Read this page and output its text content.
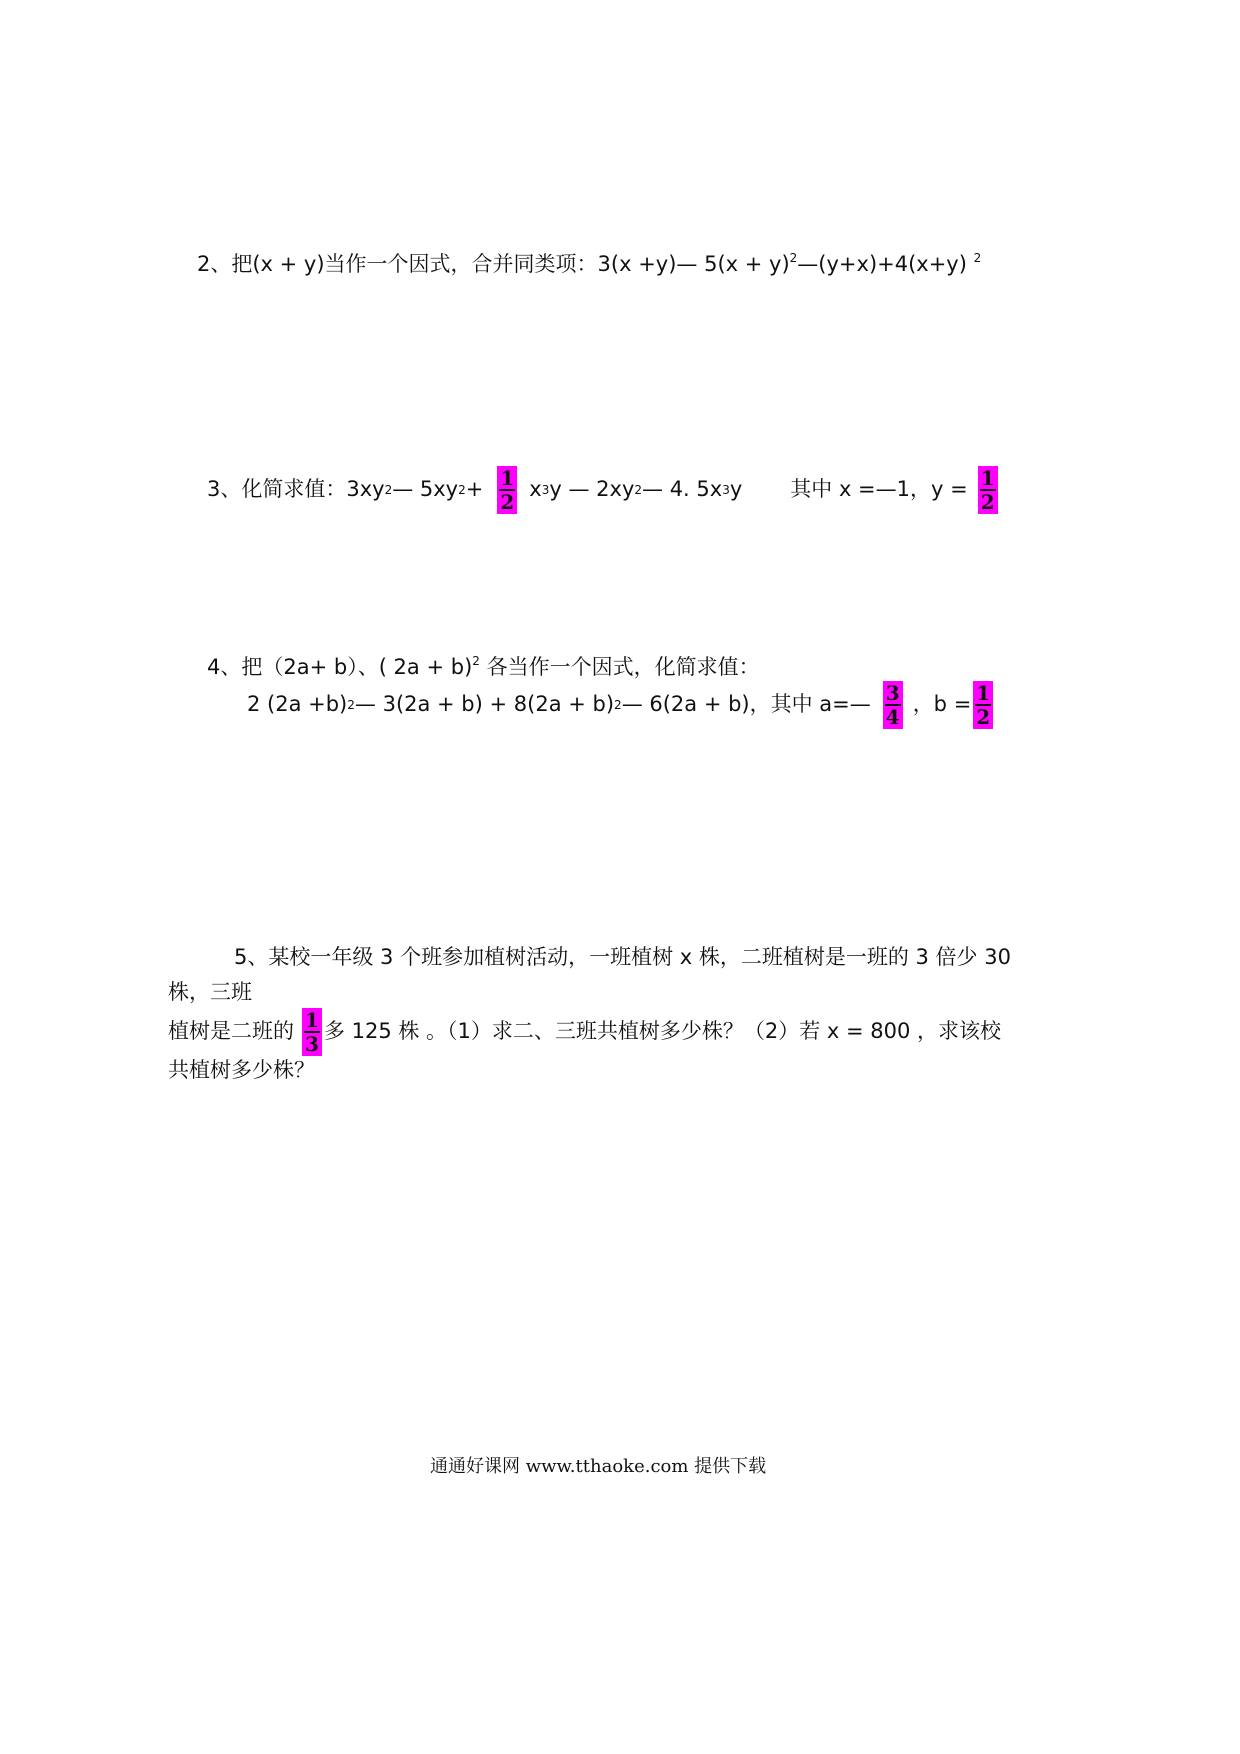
2、把(x + y)当作一个因式，合并同类项：3(x +y)— $5(x + y)^2—(y+x)+4(x+y)$ $^2$
3、化简求值：3xy 2 — 5xy $2 + \frac{1}{2}$ x 3 y — 2xy 2 — 4. 5x 3 y 其中 x =—1，$y = \frac{1}{2}$
4、把（2a+ b）、( 2a + b)$^2$ 各当作一个因式，化简求值：
2 (2a +b) 2 — 3(2a + b) + 8(2a + b) 2 — 6(2a + b)，其中 a=— $\frac{3}{4}$ ，$b = \frac{1}{2}$
5、某校一年级 3 个班参加植树活动，一班植树 x 株，二班植树是一班的 3 倍少 30
株，三班
植树是二班的 $\frac{1}{3}$ 多 125 株 。（1）求二、三班共植树多少株？（2）若 x = 800 ，求该校
共植树多少株？
通通好课网 www.tthaoke.com 提供下载
